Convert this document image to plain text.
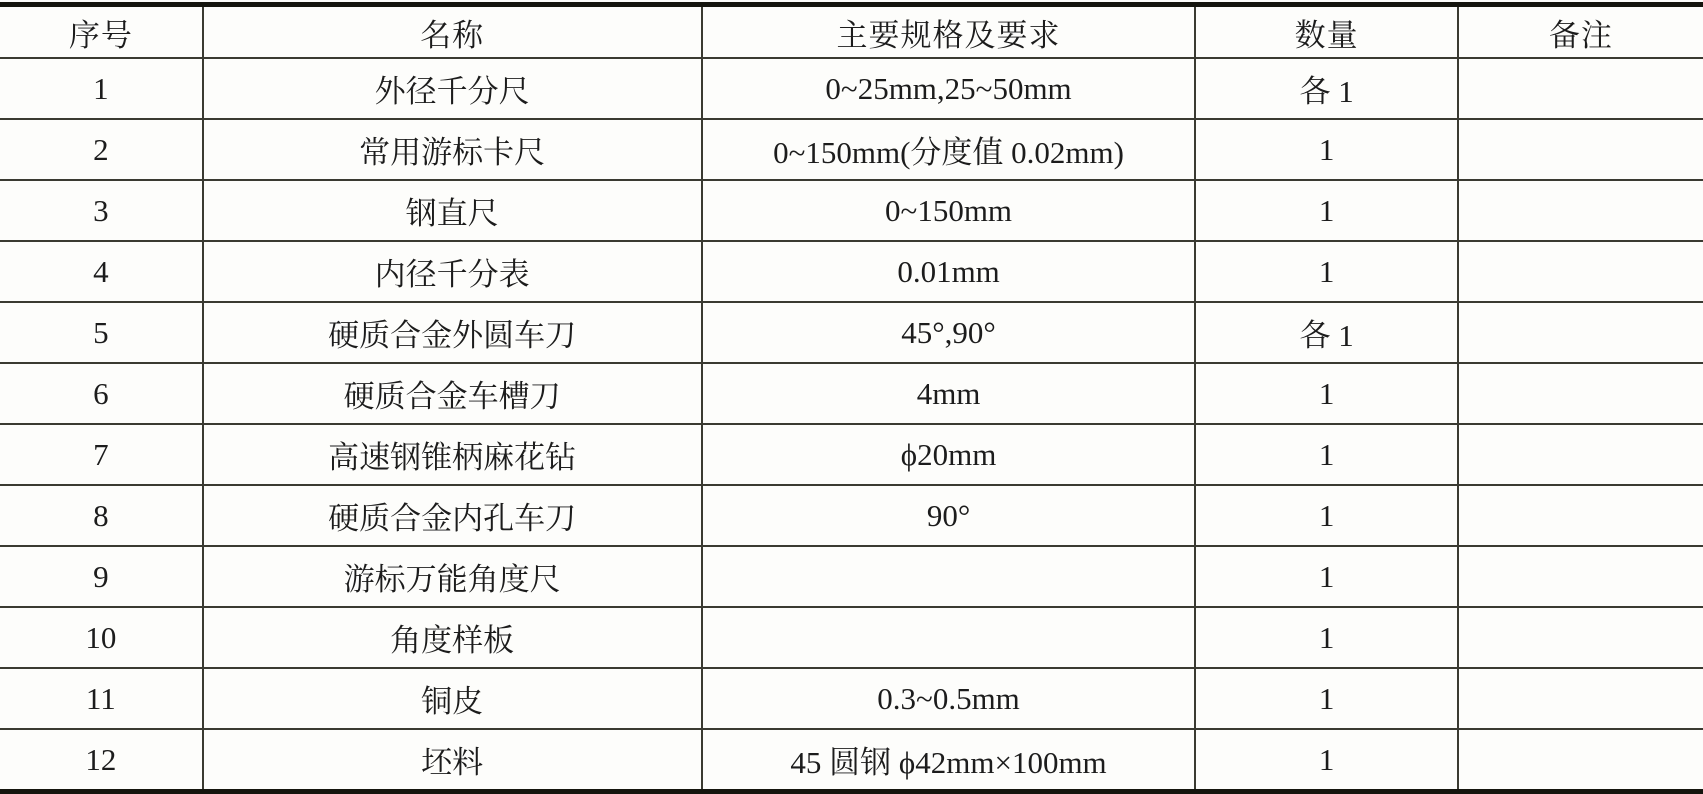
序号	名称	主要规格及要求	数量	备注
1	外径千分尺	0~25mm,25~50mm	各 1	
2	常用游标卡尺	0~150mm(分度值 0.02mm)	1	
3	钢直尺	0~150mm	1	
4	内径千分表	0.01mm	1	
5	硬质合金外圆车刀	45°,90°	各 1	
6	硬质合金车槽刀	4mm	1	
7	高速钢锥柄麻花钻	ϕ20mm	1	
8	硬质合金内孔车刀	90°	1	
9	游标万能角度尺		1	
10	角度样板		1	
11	铜皮	0.3~0.5mm	1	
12	坯料	45 圆钢 ϕ42mm×100mm	1	
